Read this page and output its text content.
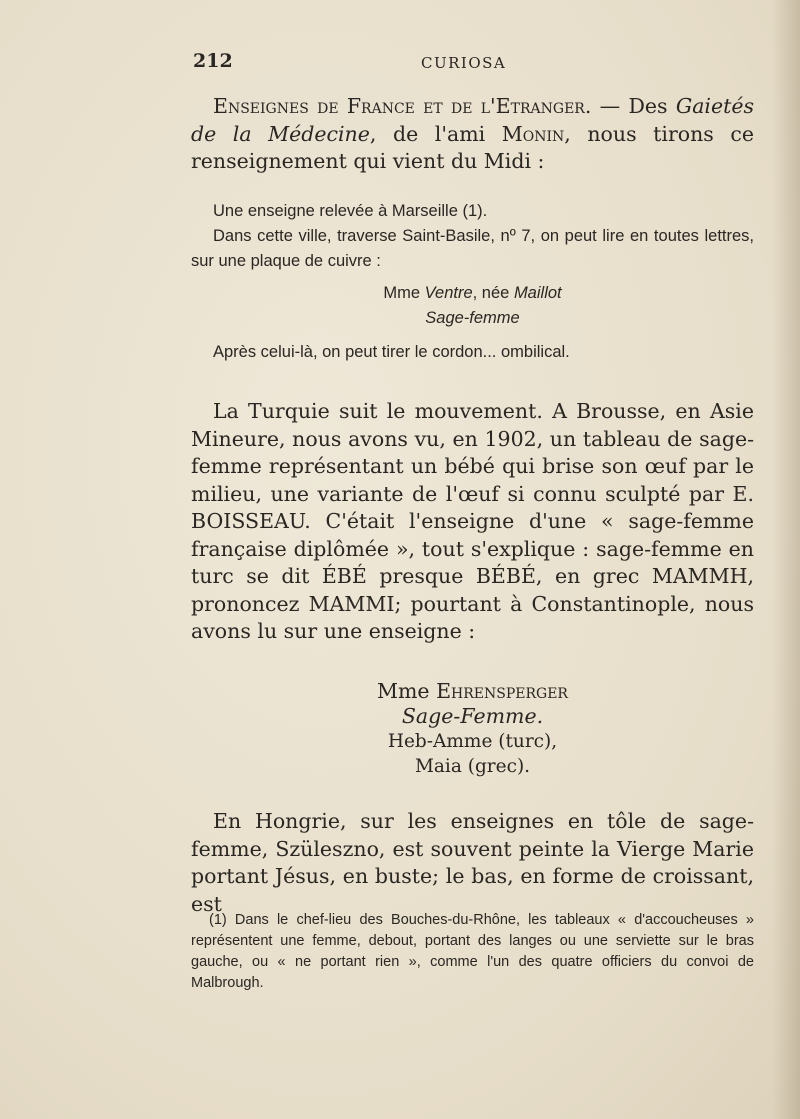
212	CURIOSA

Enseignes de France et de l'Etranger. — Des Gaietés de la Médecine, de l'ami Monin, nous tirons ce renseignement qui vient du Midi :

Une enseigne relevée à Marseille (1).

Dans cette ville, traverse Saint-Basile, nº 7, on peut lire en toutes lettres, sur une plaque de cuivre :

Mme Ventre, née Maillot

Sage-femme

Après celui-là, on peut tirer le cordon... ombilical.

La Turquie suit le mouvement. A Brousse, en Asie Mineure, nous avons vu, en 1902, un tableau de sage-femme représentant un bébé qui brise son œuf par le milieu, une variante de l'œuf si connu sculpté par E. BOISSEAU. C'était l'enseigne d'une « sage-femme française diplômée », tout s'explique : sage-femme en turc se dit ÉBÉ presque BÉBÉ, en grec MAMMH, prononcez MAMMI; pourtant à Constantinople, nous avons lu sur une enseigne :

Mme Ehrensperger
Sage-Femme.
Heb-Amme (turc),
Maia (grec).

En Hongrie, sur les enseignes en tôle de sage-femme, Szüleszno, est souvent peinte la Vierge Marie portant Jésus, en buste; le bas, en forme de croissant, est

(1) Dans le chef-lieu des Bouches-du-Rhône, les tableaux « d'accoucheuses » représentent une femme, debout, portant des langes ou une serviette sur le bras gauche, ou « ne portant rien », comme l'un des quatre officiers du convoi de Malbrough.
